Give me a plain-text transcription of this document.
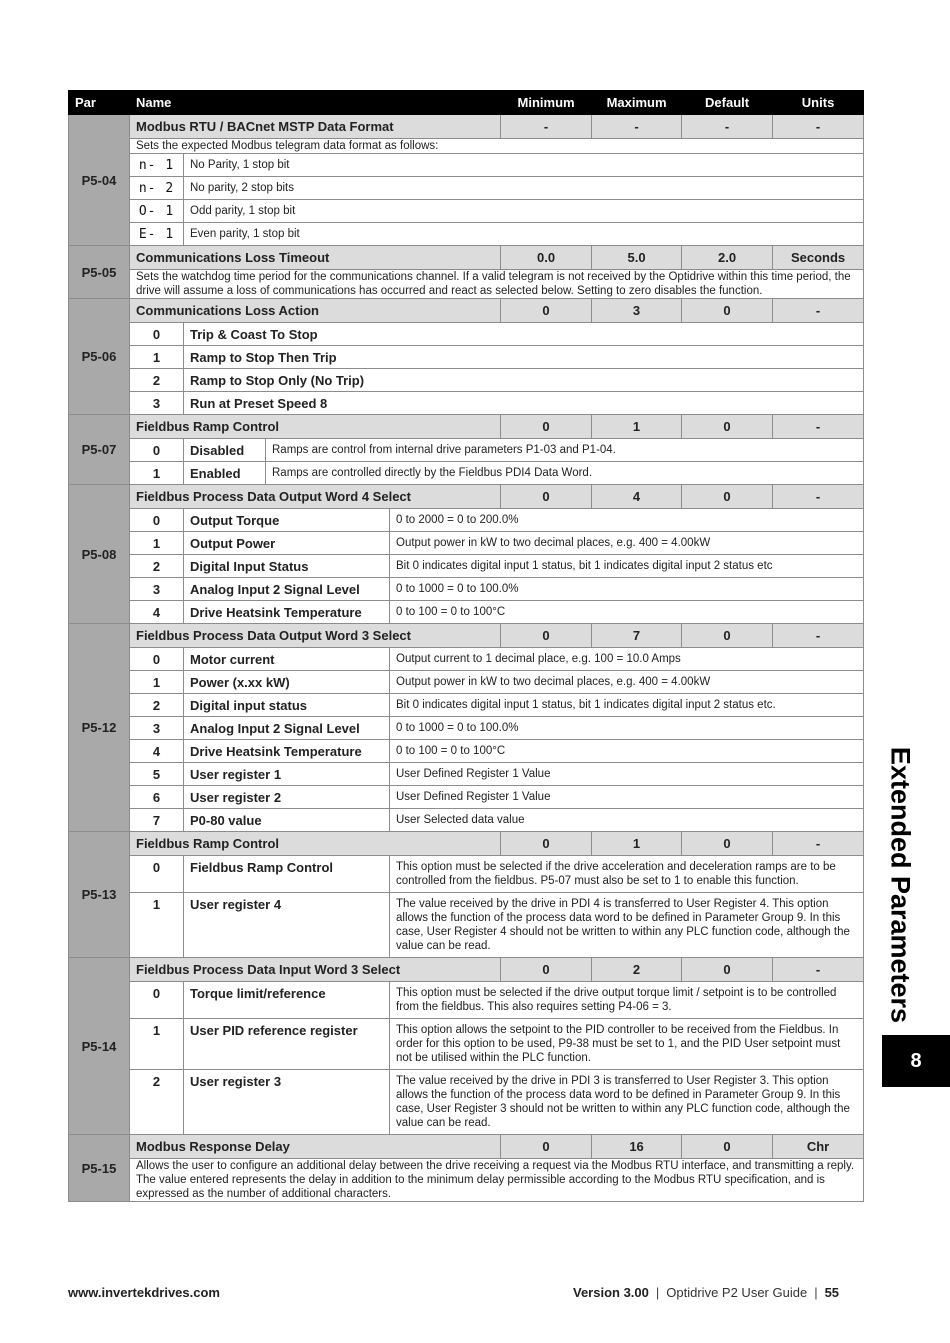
Par	Name				Minimum	Maximum	Default	Units
P5-04	Modbus RTU / BACnet MSTP Data Format				-	-	-	-
	Sets the expected Modbus telegram data format as follows:							
	n- 1	No Parity, 1 stop bit						
	n- 2	No parity, 2 stop bits						
	O- 1	Odd parity, 1 stop bit						
	E- 1	Even parity, 1 stop bit						
P5-05	Communications Loss Timeout				0.0	5.0	2.0	Seconds
	Sets the watchdog time period for the communications channel. If a valid telegram is not received by the Optidrive within this time period, the drive will assume a loss of communications has occurred and react as selected below. Setting to zero disables the function.							
P5-06	Communications Loss Action				0	3	0	-
	0	Trip & Coast To Stop						
	1	Ramp to Stop Then Trip						
	2	Ramp to Stop Only (No Trip)						
	3	Run at Preset Speed 8						
P5-07	Fieldbus Ramp Control				0	1	0	-
	0	Disabled	Ramps are control from internal drive parameters P1-03 and P1-04.					
	1	Enabled	Ramps are controlled directly by the Fieldbus PDI4 Data Word.					
P5-08	Fieldbus Process Data Output Word 4 Select				0	4	0	-
	0	Output Torque		0 to 2000 = 0 to 200.0%				
	1	Output Power		Output power in kW to two decimal places, e.g. 400 = 4.00kW				
	2	Digital Input Status		Bit 0 indicates digital input 1 status, bit 1 indicates digital input 2 status etc				
	3	Analog Input 2 Signal Level		0 to 1000 = 0 to 100.0%				
	4	Drive Heatsink Temperature		0 to 100 = 0 to 100°C				
P5-12	Fieldbus Process Data Output Word 3 Select				0	7	0	-
	0	Motor current		Output current to 1 decimal place, e.g. 100 = 10.0 Amps				
	1	Power (x.xx kW)		Output power in kW to two decimal places, e.g. 400 = 4.00kW				
	2	Digital input status		Bit 0 indicates digital input 1 status, bit 1 indicates digital input 2 status etc.				
	3	Analog Input 2 Signal Level		0 to 1000 = 0 to 100.0%				
	4	Drive Heatsink Temperature		0 to 100 = 0 to 100°C				
	5	User register 1		User Defined Register 1 Value				
	6	User register 2		User Defined Register 1 Value				
	7	P0-80 value		User Selected data value				
P5-13	Fieldbus Ramp Control				0	1	0	-
	0	Fieldbus Ramp Control		This option must be selected if the drive acceleration and deceleration ramps are to be controlled from the fieldbus. P5-07 must also be set to 1 to enable this function.				
	1	User register 4		The value received by the drive in PDI 4 is transferred to User Register 4. This option allows the function of the process data word to be defined in Parameter Group 9. In this case, User Register 4 should not be written to within any PLC function code, although the value can be read.				
P5-14	Fieldbus Process Data Input Word 3 Select				0	2	0	-
	0	Torque limit/reference		This option must be selected if the drive output torque limit / setpoint is to be controlled from the fieldbus. This also requires setting P4-06 = 3.				
	1	User PID reference register		This option allows the setpoint to the PID controller to be received from the Fieldbus. In order for this option to be used, P9-38 must be set to 1, and the PID User setpoint must not be utilised within the PLC function.				
	2	User register 3		The value received by the drive in PDI 3 is transferred to User Register 3. This option allows the function of the process data word to be defined in Parameter Group 9. In this case, User Register 3 should not be written to within any PLC function code, although the value can be read.				
P5-15	Modbus Response Delay				0	16	0	Chr
	Allows the user to configure an additional delay between the drive receiving a request via the Modbus RTU interface, and transmitting a reply. The value entered represents the delay in addition to the minimum delay permissible according to the Modbus RTU specification, and is expressed as the number of additional characters.							
Extended Parameters
8
www.invertekdrives.com	Version 3.00 | Optidrive P2 User Guide | 55
